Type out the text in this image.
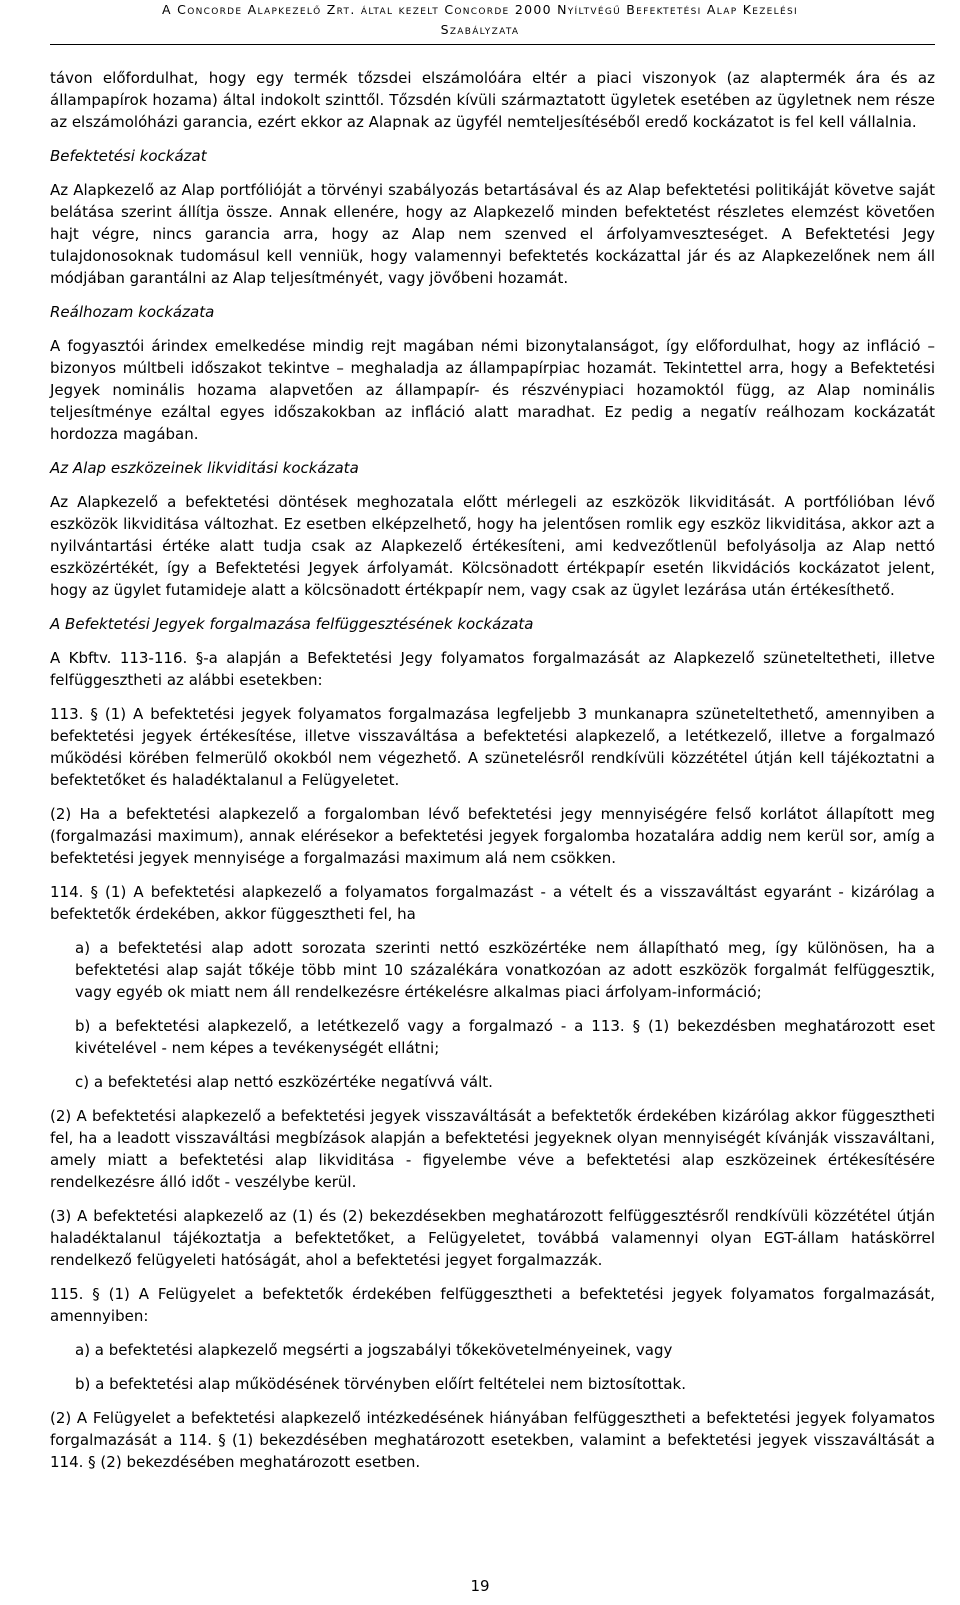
A Concorde Alapkezelő Zrt. által kezelt Concorde 2000 Nyíltvégű Befektetési Alap Kezelési
Szabályzata

távon előfordulhat, hogy egy termék tőzsdei elszámolóára eltér a piaci viszonyok (az alaptermék ára és az állampapírok hozama) által indokolt szinttől. Tőzsdén kívüli származtatott ügyletek esetében az ügyletnek nem része az elszámolóházi garancia, ezért ekkor az Alapnak az ügyfél nemteljesítéséből eredő kockázatot is fel kell vállalnia.

Befektetési kockázat

Az Alapkezelő az Alap portfólióját a törvényi szabályozás betartásával és az Alap befektetési politikáját követve saját belátása szerint állítja össze. Annak ellenére, hogy az Alapkezelő minden befektetést részletes elemzést követően hajt végre, nincs garancia arra, hogy az Alap nem szenved el árfolyamveszteséget. A Befektetési Jegy tulajdonosoknak tudomásul kell venniük, hogy valamennyi befektetés kockázattal jár és az Alapkezelőnek nem áll módjában garantálni az Alap teljesítményét, vagy jövőbeni hozamát.

Reálhozam kockázata

A fogyasztói árindex emelkedése mindig rejt magában némi bizonytalanságot, így előfordulhat, hogy az infláció – bizonyos múltbeli időszakot tekintve – meghaladja az állampapírpiac hozamát. Tekintettel arra, hogy a Befektetési Jegyek nominális hozama alapvetően az állampapír- és részvénypiaci hozamoktól függ, az Alap nominális teljesítménye ezáltal egyes időszakokban az infláció alatt maradhat. Ez pedig a negatív reálhozam kockázatát hordozza magában.

Az Alap eszközeinek likviditási kockázata

Az Alapkezelő a befektetési döntések meghozatala előtt mérlegeli az eszközök likviditását. A portfólióban lévő eszközök likviditása változhat. Ez esetben elképzelhető, hogy ha jelentősen romlik egy eszköz likviditása, akkor azt a nyilvántartási értéke alatt tudja csak az Alapkezelő értékesíteni, ami kedvezőtlenül befolyásolja az Alap nettó eszközértékét, így a Befektetési Jegyek árfolyamát. Kölcsönadott értékpapír esetén likvidációs kockázatot jelent, hogy az ügylet futamideje alatt a kölcsönadott értékpapír nem, vagy csak az ügylet lezárása után értékesíthető.

A Befektetési Jegyek forgalmazása felfüggesztésének kockázata

A Kbftv. 113-116. §-a alapján a Befektetési Jegy folyamatos forgalmazását az Alapkezelő szüneteltetheti, illetve felfüggesztheti az alábbi esetekben:

113. § (1) A befektetési jegyek folyamatos forgalmazása legfeljebb 3 munkanapra szüneteltethető, amennyiben a befektetési jegyek értékesítése, illetve visszaváltása a befektetési alapkezelő, a letétkezelő, illetve a forgalmazó működési körében felmerülő okokból nem végezhető. A szünetelésről rendkívüli közzététel útján kell tájékoztatni a befektetőket és haladéktalanul a Felügyeletet.

(2) Ha a befektetési alapkezelő a forgalomban lévő befektetési jegy mennyiségére felső korlátot állapított meg (forgalmazási maximum), annak elérésekor a befektetési jegyek forgalomba hozatalára addig nem kerül sor, amíg a befektetési jegyek mennyisége a forgalmazási maximum alá nem csökken.

114. § (1) A befektetési alapkezelő a folyamatos forgalmazást - a vételt és a visszaváltást egyaránt - kizárólag a befektetők érdekében, akkor függesztheti fel, ha

a) a befektetési alap adott sorozata szerinti nettó eszközértéke nem állapítható meg, így különösen, ha a befektetési alap saját tőkéje több mint 10 százalékára vonatkozóan az adott eszközök forgalmát felfüggesztik, vagy egyéb ok miatt nem áll rendelkezésre értékelésre alkalmas piaci árfolyam-információ;

b) a befektetési alapkezelő, a letétkezelő vagy a forgalmazó - a 113. § (1) bekezdésben meghatározott eset kivételével - nem képes a tevékenységét ellátni;

c) a befektetési alap nettó eszközértéke negatívvá vált.

(2) A befektetési alapkezelő a befektetési jegyek visszaváltását a befektetők érdekében kizárólag akkor függesztheti fel, ha a leadott visszaváltási megbízások alapján a befektetési jegyeknek olyan mennyiségét kívánják visszaváltani, amely miatt a befektetési alap likviditása - figyelembe véve a befektetési alap eszközeinek értékesítésére rendelkezésre álló időt - veszélybe kerül.

(3) A befektetési alapkezelő az (1) és (2) bekezdésekben meghatározott felfüggesztésről rendkívüli közzététel útján haladéktalanul tájékoztatja a befektetőket, a Felügyeletet, továbbá valamennyi olyan EGT-állam hatáskörrel rendelkező felügyeleti hatóságát, ahol a befektetési jegyet forgalmazzák.

115. § (1) A Felügyelet a befektetők érdekében felfüggesztheti a befektetési jegyek folyamatos forgalmazását, amennyiben:

a) a befektetési alapkezelő megsérti a jogszabályi tőkekövetelményeinek, vagy

b) a befektetési alap működésének törvényben előírt feltételei nem biztosítottak.

(2) A Felügyelet a befektetési alapkezelő intézkedésének hiányában felfüggesztheti a befektetési jegyek folyamatos forgalmazását a 114. § (1) bekezdésében meghatározott esetekben, valamint a befektetési jegyek visszaváltását a 114. § (2) bekezdésében meghatározott esetben.

19
